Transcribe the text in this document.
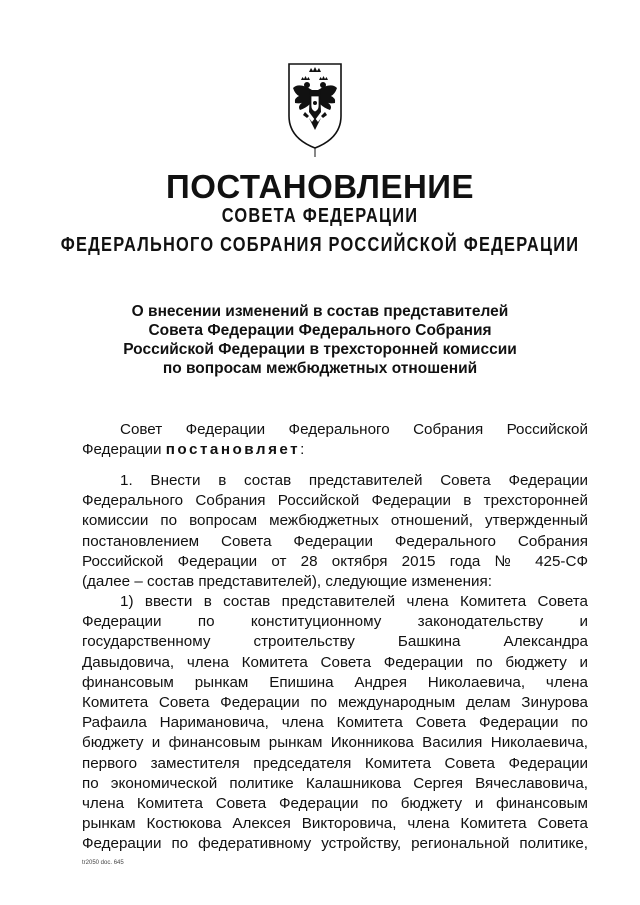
ПОСТАНОВЛЕНИЕ
СОВЕТА ФЕДЕРАЦИИ
ФЕДЕРАЛЬНОГО СОБРАНИЯ РОССИЙСКОЙ ФЕДЕРАЦИИ
О внесении изменений в состав представителей
Совета Федерации Федерального Собрания
Российской Федерации в трехсторонней комиссии
по вопросам межбюджетных отношений
Совет Федерации Федерального Собрания Российской
Федерации постановляет:
1. Внести в состав представителей Совета Федерации
Федерального Собрания Российской Федерации в трехсторонней
комиссии по вопросам межбюджетных отношений, утвержденный
постановлением Совета Федерации Федерального Собрания
Российской Федерации от 28 октября 2015 года № 425-СФ
(далее – состав представителей), следующие изменения:
1) ввести в состав представителей члена Комитета Совета
Федерации по конституционному законодательству и
государственному строительству Башкина Александра
Давыдовича, члена Комитета Совета Федерации по бюджету и
финансовым рынкам Епишина Андрея Николаевича, члена
Комитета Совета Федерации по международным делам Зинурова
Рафаила Наримановича, члена Комитета Совета Федерации по
бюджету и финансовым рынкам Иконникова Василия Николаевича,
первого заместителя председателя Комитета Совета Федерации
по экономической политике Калашникова Сергея Вячеславовича,
члена Комитета Совета Федерации по бюджету и финансовым
рынкам Костюкова Алексея Викторовича, члена Комитета Совета
Федерации по федеративному устройству, региональной политике,
tr2050 doc. 645
